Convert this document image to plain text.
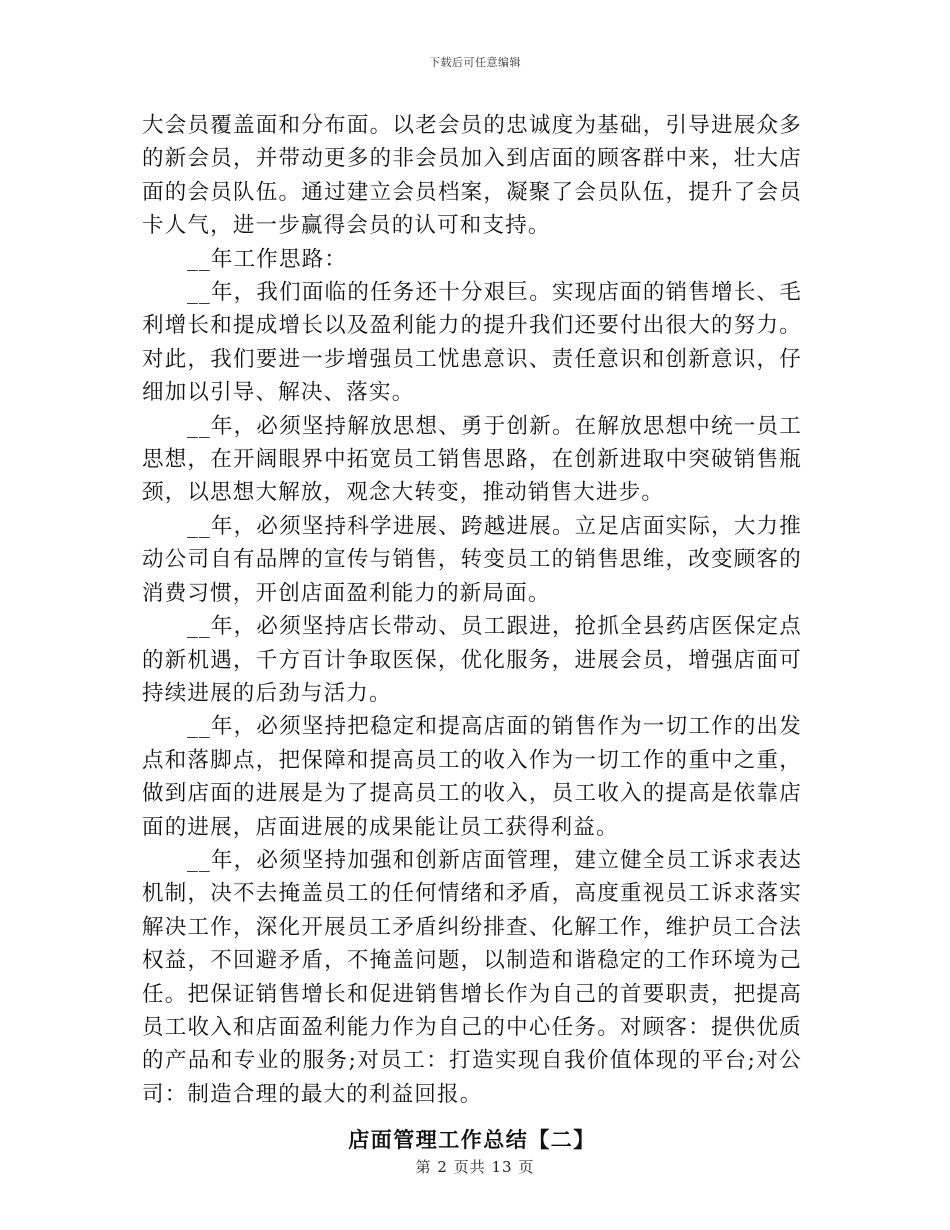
下载后可任意编辑

大会员覆盖面和分布面。以老会员的忠诚度为基础，引导进展众多的新会员，并带动更多的非会员加入到店面的顾客群中来，壮大店面的会员队伍。通过建立会员档案，凝聚了会员队伍，提升了会员卡人气，进一步赢得会员的认可和支持。

__年工作思路：

__年，我们面临的任务还十分艰巨。实现店面的销售增长、毛利增长和提成增长以及盈利能力的提升我们还要付出很大的努力。对此，我们要进一步增强员工忧患意识、责任意识和创新意识，仔细加以引导、解决、落实。

__年，必须坚持解放思想、勇于创新。在解放思想中统一员工思想，在开阔眼界中拓宽员工销售思路，在创新进取中突破销售瓶颈，以思想大解放，观念大转变，推动销售大进步。

__年，必须坚持科学进展、跨越进展。立足店面实际，大力推动公司自有品牌的宣传与销售，转变员工的销售思维，改变顾客的消费习惯，开创店面盈利能力的新局面。

__年，必须坚持店长带动、员工跟进，抢抓全县药店医保定点的新机遇，千方百计争取医保，优化服务，进展会员，增强店面可持续进展的后劲与活力。

__年，必须坚持把稳定和提高店面的销售作为一切工作的出发点和落脚点，把保障和提高员工的收入作为一切工作的重中之重，做到店面的进展是为了提高员工的收入，员工收入的提高是依靠店面的进展，店面进展的成果能让员工获得利益。

__年，必须坚持加强和创新店面管理，建立健全员工诉求表达机制，决不去掩盖员工的任何情绪和矛盾，高度重视员工诉求落实解决工作，深化开展员工矛盾纠纷排查、化解工作，维护员工合法权益，不回避矛盾，不掩盖问题，以制造和谐稳定的工作环境为己任。把保证销售增长和促进销售增长作为自己的首要职责，把提高员工收入和店面盈利能力作为自己的中心任务。对顾客：提供优质的产品和专业的服务;对员工：打造实现自我价值体现的平台;对公司：制造合理的最大的利益回报。

店面管理工作总结【二】
第 2 页共 13 页
